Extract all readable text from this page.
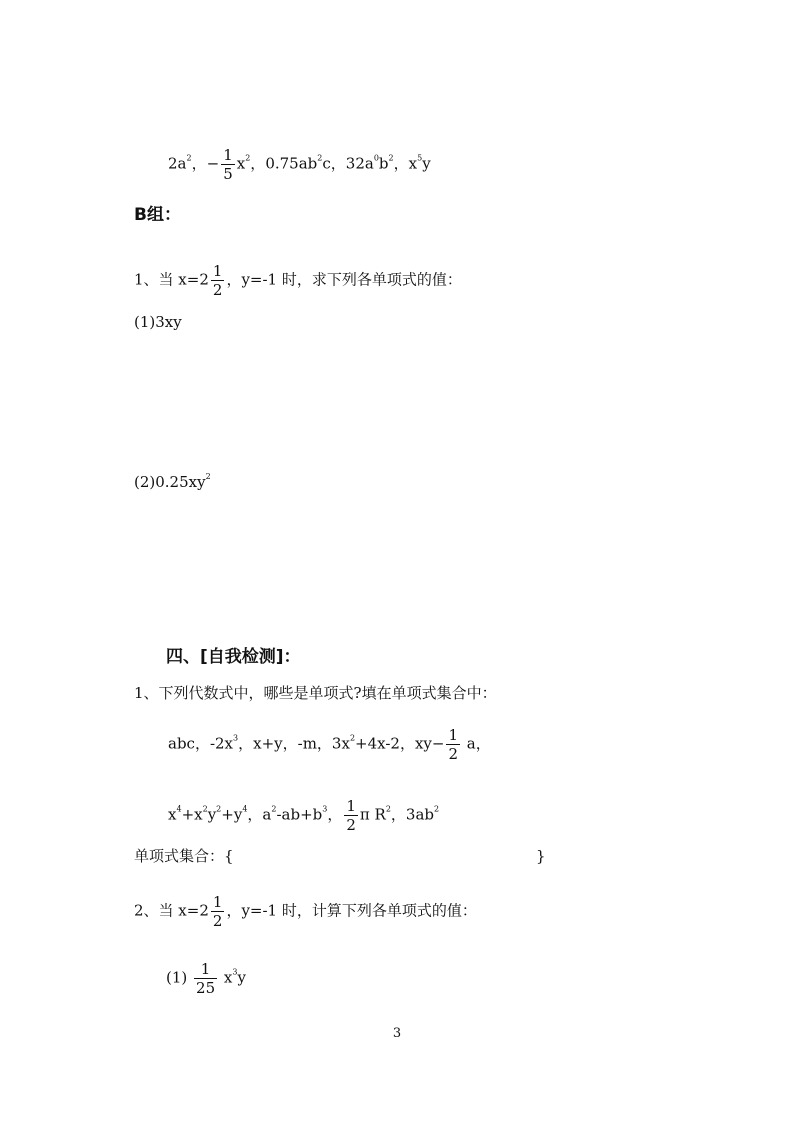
$2a^2$，− $\frac{1}{5} x^2$，$0.75ab^2c$，$32a^0b^2$，$x^5y$
B组：
1、当 $x=2 \frac{1}{2}$ ，y=-1 时，求下列各单项式的值：
(1)3xy
$(2)0.25xy^2$
四、[自我检测]：
1、下列代数式中，哪些是单项式?填在单项式集合中：
abc，$-2x^3$，x+y，-m，$3x^2+4x-2$，$xy- \frac{1}{2}$ a，
$x^4+x^2y^2+y^4$，$a^2-ab+b^3$， $\frac{1}{2}$ π $R^2$，$3ab^2$
单项式集合：{	}
2、当 $x=2 \frac{1}{2}$ ，y=-1 时，计算下列各单项式的值：
$(1) \frac{1}{25} x^3y$
3
